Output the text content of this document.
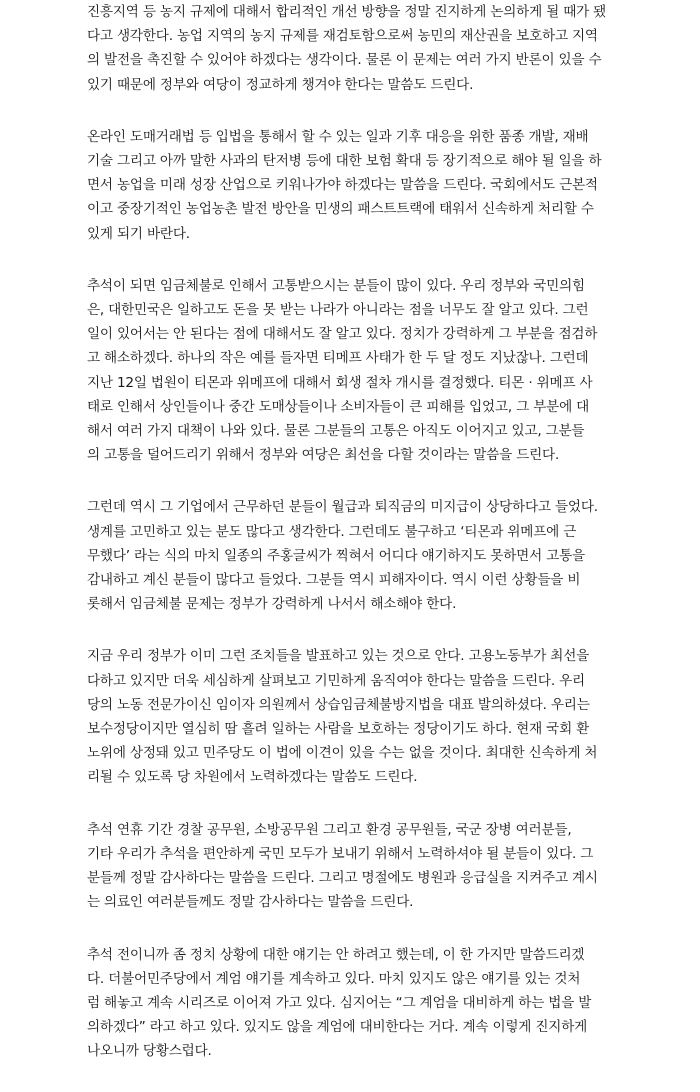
진흥지역 등 농지 규제에 대해서 합리적인 개선 방향을 정말 진지하게 논의하게 될 때가 됐
다고 생각한다. 농업 지역의 농지 규제를 재검토함으로써 농민의 재산권을 보호하고 지역
의 발전을 촉진할 수 있어야 하겠다는 생각이다. 물론 이 문제는 여러 가지 반론이 있을 수
있기 때문에 정부와 여당이 정교하게 챙겨야 한다는 말씀도 드린다.
온라인 도매거래법 등 입법을 통해서 할 수 있는 일과 기후 대응을 위한 품종 개발, 재배
기술 그리고 아까 말한 사과의 탄저병 등에 대한 보험 확대 등 장기적으로 해야 될 일을 하
면서 농업을 미래 성장 산업으로 키워나가야 하겠다는 말씀을 드린다. 국회에서도 근본적
이고 중장기적인 농업농촌 발전 방안을 민생의 패스트트랙에 태워서 신속하게 처리할 수
있게 되기 바란다.
추석이 되면 임금체불로 인해서 고통받으시는 분들이 많이 있다. 우리 정부와 국민의힘
은, 대한민국은 일하고도 돈을 못 받는 나라가 아니라는 점을 너무도 잘 알고 있다. 그런
일이 있어서는 안 된다는 점에 대해서도 잘 알고 있다. 정치가 강력하게 그 부분을 점검하
고 해소하겠다. 하나의 작은 예를 들자면 티메프 사태가 한 두 달 정도 지났잖나. 그런데
지난 12일 법원이 티몬과 위메프에 대해서 회생 절차 개시를 결정했다. 티몬 · 위메프 사
태로 인해서 상인들이나 중간 도매상들이나 소비자들이 큰 피해를 입었고, 그 부분에 대
해서 여러 가지 대책이 나와 있다. 물론 그분들의 고통은 아직도 이어지고 있고, 그분들
의 고통을 덜어드리기 위해서 정부와 여당은 최선을 다할 것이라는 말씀을 드린다.
그런데 역시 그 기업에서 근무하던 분들이 월급과 퇴직금의 미지급이 상당하다고 들었다.
생계를 고민하고 있는 분도 많다고 생각한다. 그런데도 불구하고 ‘티몬과 위메프에 근
무했다’ 라는 식의 마치 일종의 주홍글씨가 찍혀서 어디다 얘기하지도 못하면서 고통을
감내하고 계신 분들이 많다고 들었다. 그분들 역시 피해자이다. 역시 이런 상황들을 비
롯해서 임금체불 문제는 정부가 강력하게 나서서 해소해야 한다.
지금 우리 정부가 이미 그런 조치들을 발표하고 있는 것으로 안다. 고용노동부가 최선을
다하고 있지만 더욱 세심하게 살펴보고 기민하게 움직여야 한다는 말씀을 드린다. 우리
당의 노동 전문가이신 임이자 의원께서 상습임금체불방지법을 대표 발의하셨다. 우리는
보수정당이지만 열심히 땀 흘려 일하는 사람을 보호하는 정당이기도 하다. 현재 국회 환
노위에 상정돼 있고 민주당도 이 법에 이견이 있을 수는 없을 것이다. 최대한 신속하게 처
리될 수 있도록 당 차원에서 노력하겠다는 말씀도 드린다.
추석 연휴 기간 경찰 공무원, 소방공무원 그리고 환경 공무원들, 국군 장병 여러분들,
기타 우리가 추석을 편안하게 국민 모두가 보내기 위해서 노력하셔야 될 분들이 있다. 그
분들께 정말 감사하다는 말씀을 드린다. 그리고 명절에도 병원과 응급실을 지켜주고 계시
는 의료인 여러분들께도 정말 감사하다는 말씀을 드린다.
추석 전이니까 좀 정치 상황에 대한 얘기는 안 하려고 했는데, 이 한 가지만 말씀드리겠
다. 더불어민주당에서 계엄 얘기를 계속하고 있다. 마치 있지도 않은 얘기를 있는 것처
럼 해놓고 계속 시리즈로 이어져 가고 있다. 심지어는 “그 계엄을 대비하게 하는 법을 발
의하겠다” 라고 하고 있다. 있지도 않을 계엄에 대비한다는 거다. 계속 이렇게 진지하게
나오니까 당황스럽다.
